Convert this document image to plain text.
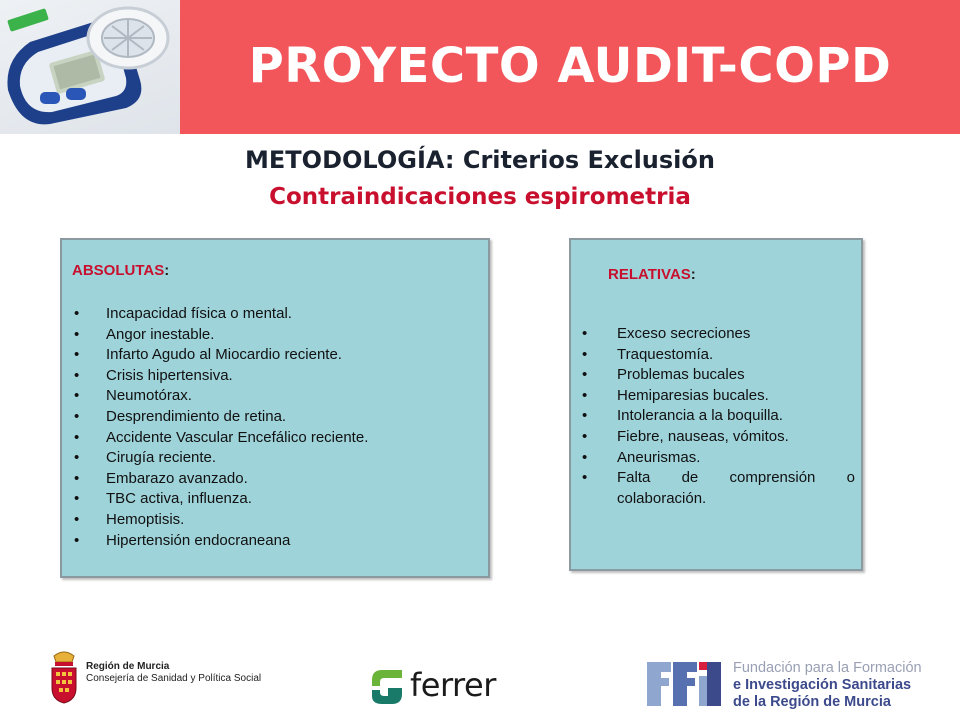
PROYECTO AUDIT-COPD
METODOLOGÍA: Criterios Exclusión
Contraindicaciones espirometria
ABSOLUTAS:
• Incapacidad física o mental.
• Angor inestable.
• Infarto Agudo al Miocardio reciente.
• Crisis hipertensiva.
• Neumotórax.
• Desprendimiento de retina.
• Accidente Vascular Encefálico reciente.
• Cirugía reciente.
• Embarazo avanzado.
• TBC activa, influenza.
• Hemoptisis.
• Hipertensión endocraneana
RELATIVAS:
• Exceso secreciones
• Traquestomía.
• Problemas bucales
• Hemiparesias bucales.
• Intolerancia a la boquilla.
• Fiebre, nauseas, vómitos.
• Aneurismas.
• Falta de comprensión o colaboración.
Región de Murcia
Consejería de Sanidad y Política Social	ferrer	Fundación para la Formación
e Investigación Sanitarias
de la Región de Murcia
